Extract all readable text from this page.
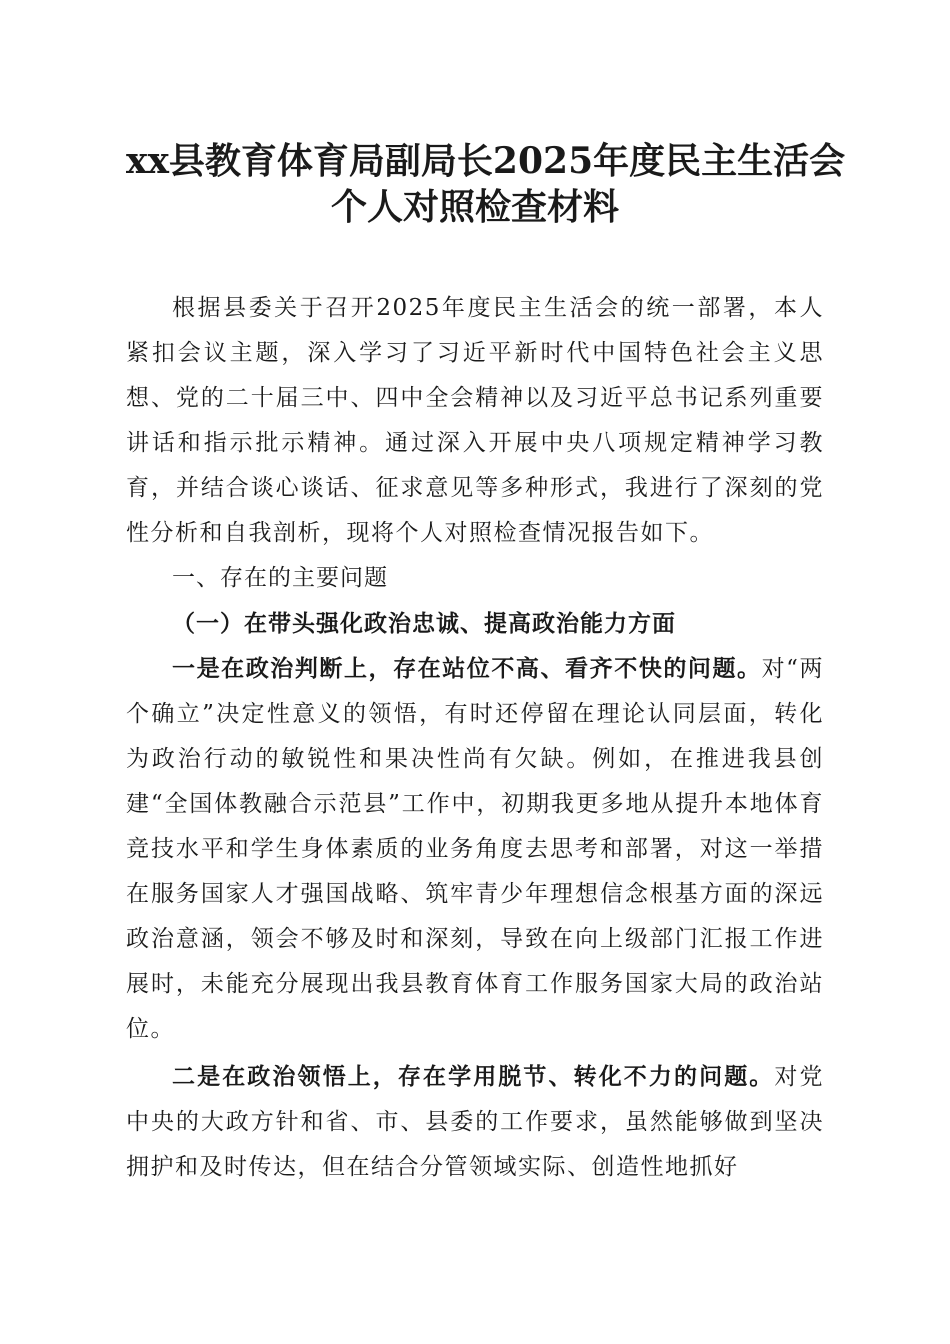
xx县教育体育局副局长2025年度民主生活会
个人对照检查材料

根据县委关于召开2025年度民主生活会的统一部署，本人紧扣会议主题，深入学习了习近平新时代中国特色社会主义思想、党的二十届三中、四中全会精神以及习近平总书记系列重要讲话和指示批示精神。通过深入开展中央八项规定精神学习教育，并结合谈心谈话、征求意见等多种形式，我进行了深刻的党性分析和自我剖析，现将个人对照检查情况报告如下。

一、存在的主要问题

（一）在带头强化政治忠诚、提高政治能力方面

一是在政治判断上，存在站位不高、看齐不快的问题。对“两个确立”决定性意义的领悟，有时还停留在理论认同层面，转化为政治行动的敏锐性和果决性尚有欠缺。例如，在推进我县创建“全国体教融合示范县”工作中，初期我更多地从提升本地体育竞技水平和学生身体素质的业务角度去思考和部署，对这一举措在服务国家人才强国战略、筑牢青少年理想信念根基方面的深远政治意涵，领会不够及时和深刻，导致在向上级部门汇报工作进展时，未能充分展现出我县教育体育工作服务国家大局的政治站位。

二是在政治领悟上，存在学用脱节、转化不力的问题。对党中央的大政方针和省、市、县委的工作要求，虽然能够做到坚决拥护和及时传达，但在结合分管领域实际、创造性地抓好
